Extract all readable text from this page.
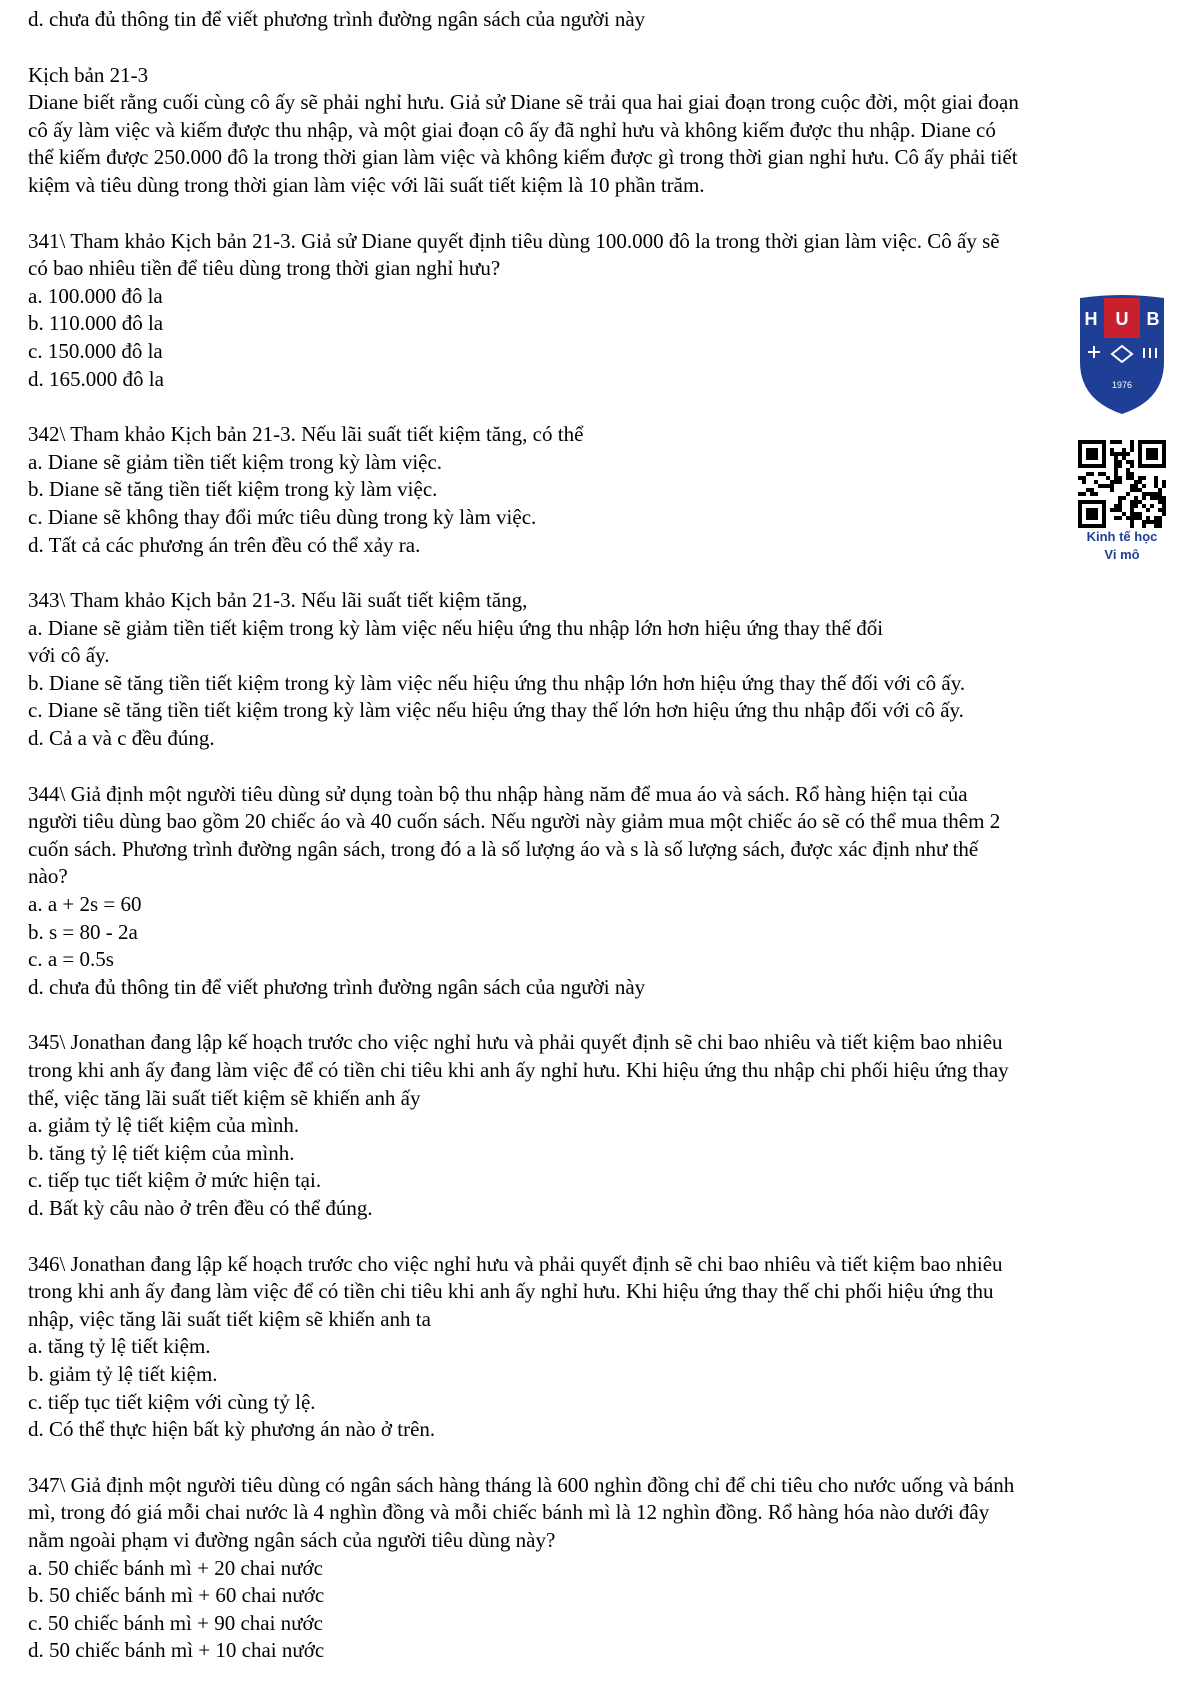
d. chưa đủ thông tin để viết phương trình đường ngân sách của người này
Kịch bản 21-3
Diane biết rằng cuối cùng cô ấy sẽ phải nghỉ hưu. Giả sử Diane sẽ trải qua hai giai đoạn trong cuộc đời, một giai đoạn
cô ấy làm việc và kiếm được thu nhập, và một giai đoạn cô ấy đã nghỉ hưu và không kiếm được thu nhập. Diane có
thể kiếm được 250.000 đô la trong thời gian làm việc và không kiếm được gì trong thời gian nghỉ hưu. Cô ấy phải tiết
kiệm và tiêu dùng trong thời gian làm việc với lãi suất tiết kiệm là 10 phần trăm.
341\ Tham khảo Kịch bản 21-3. Giả sử Diane quyết định tiêu dùng 100.000 đô la trong thời gian làm việc. Cô ấy sẽ
có bao nhiêu tiền để tiêu dùng trong thời gian nghỉ hưu?
a. 100.000 đô la
b. 110.000 đô la
c. 150.000 đô la
d. 165.000 đô la
342\ Tham khảo Kịch bản 21-3. Nếu lãi suất tiết kiệm tăng, có thể
a. Diane sẽ giảm tiền tiết kiệm trong kỳ làm việc.
b. Diane sẽ tăng tiền tiết kiệm trong kỳ làm việc.
c. Diane sẽ không thay đổi mức tiêu dùng trong kỳ làm việc.
d. Tất cả các phương án trên đều có thể xảy ra.
343\ Tham khảo Kịch bản 21-3. Nếu lãi suất tiết kiệm tăng,
a. Diane sẽ giảm tiền tiết kiệm trong kỳ làm việc nếu hiệu ứng thu nhập lớn hơn hiệu ứng thay thế đối
với cô ấy.
b. Diane sẽ tăng tiền tiết kiệm trong kỳ làm việc nếu hiệu ứng thu nhập lớn hơn hiệu ứng thay thế đối với cô ấy.
c. Diane sẽ tăng tiền tiết kiệm trong kỳ làm việc nếu hiệu ứng thay thế lớn hơn hiệu ứng thu nhập đối với cô ấy.
d. Cả a và c đều đúng.
344\ Giả định một người tiêu dùng sử dụng toàn bộ thu nhập hàng năm để mua áo và sách. Rổ hàng hiện tại của
người tiêu dùng bao gồm 20 chiếc áo và 40 cuốn sách. Nếu người này giảm mua một chiếc áo sẽ có thể mua thêm 2
cuốn sách. Phương trình đường ngân sách, trong đó a là số lượng áo và s là số lượng sách, được xác định như thế
nào?
a. a + 2s = 60
b. s = 80 - 2a
c. a = 0.5s
d. chưa đủ thông tin để viết phương trình đường ngân sách của người này
345\ Jonathan đang lập kế hoạch trước cho việc nghỉ hưu và phải quyết định sẽ chi bao nhiêu và tiết kiệm bao nhiêu
trong khi anh ấy đang làm việc để có tiền chi tiêu khi anh ấy nghỉ hưu. Khi hiệu ứng thu nhập chi phối hiệu ứng thay
thế, việc tăng lãi suất tiết kiệm sẽ khiến anh ấy
a. giảm tỷ lệ tiết kiệm của mình.
b. tăng tỷ lệ tiết kiệm của mình.
c. tiếp tục tiết kiệm ở mức hiện tại.
d. Bất kỳ câu nào ở trên đều có thể đúng.
346\ Jonathan đang lập kế hoạch trước cho việc nghỉ hưu và phải quyết định sẽ chi bao nhiêu và tiết kiệm bao nhiêu
trong khi anh ấy đang làm việc để có tiền chi tiêu khi anh ấy nghỉ hưu. Khi hiệu ứng thay thế chi phối hiệu ứng thu
nhập, việc tăng lãi suất tiết kiệm sẽ khiến anh ta
a. tăng tỷ lệ tiết kiệm.
b. giảm tỷ lệ tiết kiệm.
c. tiếp tục tiết kiệm với cùng tỷ lệ.
d. Có thể thực hiện bất kỳ phương án nào ở trên.
347\ Giả định một người tiêu dùng có ngân sách hàng tháng là 600 nghìn đồng chỉ để chi tiêu cho nước uống và bánh
mì, trong đó giá mỗi chai nước là 4 nghìn đồng và mỗi chiếc bánh mì là 12 nghìn đồng. Rổ hàng hóa nào dưới đây
nằm ngoài phạm vi đường ngân sách của người tiêu dùng này?
a. 50 chiếc bánh mì + 20 chai nước
b. 50 chiếc bánh mì + 60 chai nước
c. 50 chiếc bánh mì + 90 chai nước
d. 50 chiếc bánh mì + 10 chai nước
H U B
1976
Kinh tế học
Vi mô
